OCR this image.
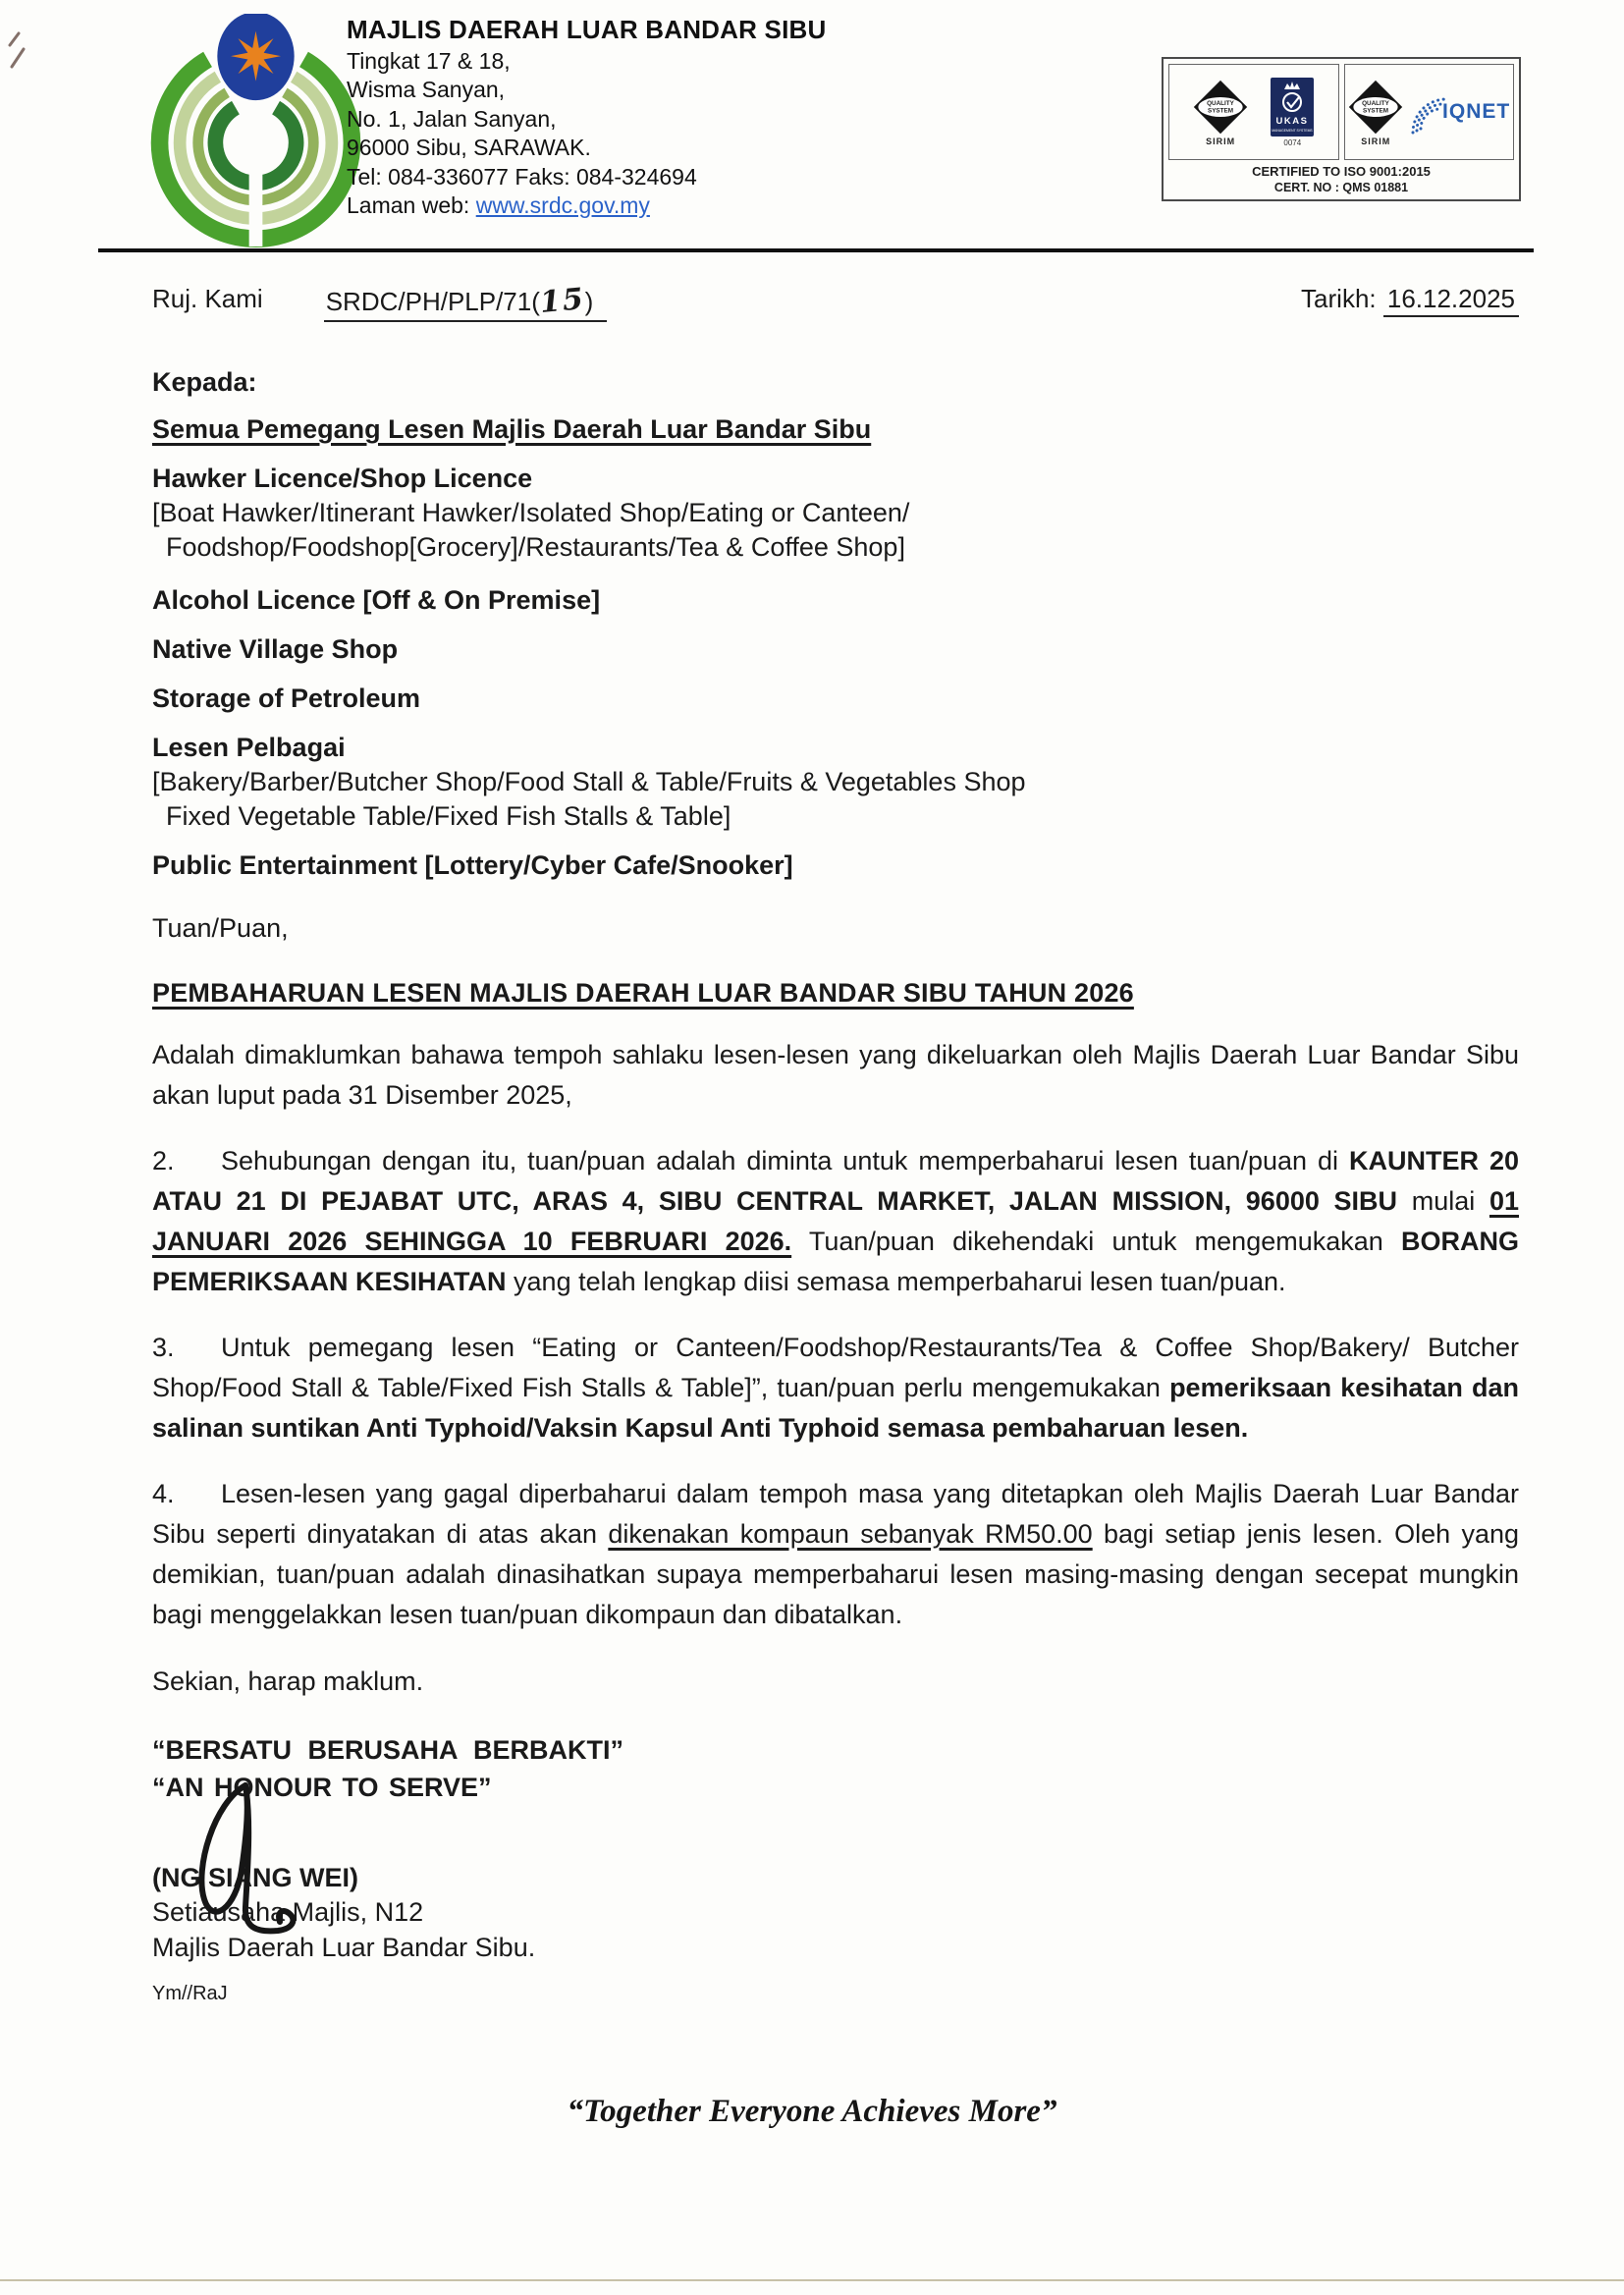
MAJLIS DAERAH LUAR BANDAR SIBU
Tingkat 17 & 18,
Wisma Sanyan,
No. 1, Jalan Sanyan,
96000 Sibu, SARAWAK.
Tel: 084-336077 Faks: 084-324694
Laman web: www.srdc.gov.my
QUALITY
SYSTEM
SIRIM
UKAS
MANAGEMENT SYSTEMS
0074
QUALITY
SYSTEM
SIRIM
IQNET
CERTIFIED TO ISO 9001:2015
CERT. NO : QMS 01881
Ruj. Kami SRDC/PH/PLP/71(15)	Tarikh: 16.12.2025
Kepada:
Semua Pemegang Lesen Majlis Daerah Luar Bandar Sibu
Hawker Licence/Shop Licence
[Boat Hawker/Itinerant Hawker/Isolated Shop/Eating or Canteen/
Foodshop/Foodshop[Grocery]/Restaurants/Tea & Coffee Shop]
Alcohol Licence [Off & On Premise]
Native Village Shop
Storage of Petroleum
Lesen Pelbagai
[Bakery/Barber/Butcher Shop/Food Stall & Table/Fruits & Vegetables Shop
Fixed Vegetable Table/Fixed Fish Stalls & Table]
Public Entertainment [Lottery/Cyber Cafe/Snooker]
Tuan/Puan,
PEMBAHARUAN LESEN MAJLIS DAERAH LUAR BANDAR SIBU TAHUN 2026
Adalah dimaklumkan bahawa tempoh sahlaku lesen-lesen yang dikeluarkan oleh Majlis Daerah Luar Bandar Sibu akan luput pada 31 Disember 2025,
2. Sehubungan dengan itu, tuan/puan adalah diminta untuk memperbaharui lesen tuan/puan di KAUNTER 20 ATAU 21 DI PEJABAT UTC, ARAS 4, SIBU CENTRAL MARKET, JALAN MISSION, 96000 SIBU mulai 01 JANUARI 2026 SEHINGGA 10 FEBRUARI 2026. Tuan/puan dikehendaki untuk mengemukakan BORANG PEMERIKSAAN KESIHATAN yang telah lengkap diisi semasa memperbaharui lesen tuan/puan.
3. Untuk pemegang lesen “Eating or Canteen/Foodshop/Restaurants/Tea & Coffee Shop/Bakery/ Butcher Shop/Food Stall & Table/Fixed Fish Stalls & Table]”, tuan/puan perlu mengemukakan pemeriksaan kesihatan dan salinan suntikan Anti Typhoid/Vaksin Kapsul Anti Typhoid semasa pembaharuan lesen.
4. Lesen-lesen yang gagal diperbaharui dalam tempoh masa yang ditetapkan oleh Majlis Daerah Luar Bandar Sibu seperti dinyatakan di atas akan dikenakan kompaun sebanyak RM50.00 bagi setiap jenis lesen. Oleh yang demikian, tuan/puan adalah dinasihatkan supaya memperbaharui lesen masing-masing dengan secepat mungkin bagi menggelakkan lesen tuan/puan dikompaun dan dibatalkan.
Sekian, harap maklum.
“BERSATU BERUSAHA BERBAKTI”
“AN HONOUR TO SERVE”
(NG SIANG WEI)
Setiausaha Majlis, N12
Majlis Daerah Luar Bandar Sibu.
Ym//RaJ
“Together Everyone Achieves More”
